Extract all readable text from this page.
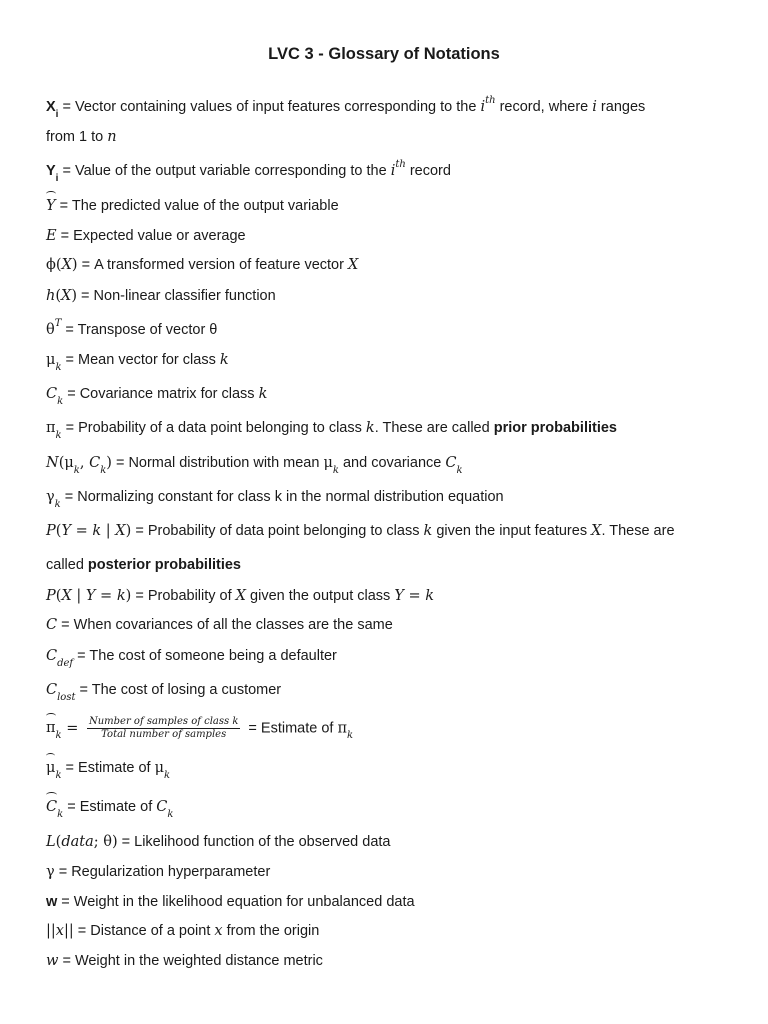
LVC 3 - Glossary of Notations
$X_i$ = Vector containing values of input features corresponding to the $i^{th}$ record, where i ranges
from 1 to n
$Y_i$ = Value of the output variable corresponding to the $i^{th}$ record
Y = The predicted value of the output variable
E = Expected value or average
ϕ(X) = A transformed version of feature vector X
h(X) = Non-linear classifier function
$\theta^T$ = Transpose of vector θ
$\mu_k$ = Mean vector for class k
$C_k$ = Covariance matrix for class k
$\pi_k$ = Probability of a data point belonging to class k. These are called prior probabilities
$N(\mu_k$, $C_k$) = Normal distribution with mean $\mu_k$ and covariance $C_k$
$\gamma_k$ = Normalizing constant for class k in the normal distribution equation
P(Y = k | X) = Probability of data point belonging to class k given the input features X. These are
called posterior probabilities
P(X | Y = k) = Probability of X given the output class Y = k
C = When covariances of all the classes are the same
$C_{def}$ = The cost of someone being a defaulter
$C_{lost}$ = The cost of losing a customer
$\pi_k = \frac{\text{Number of samples of class k}}{\text{Total number of samples}}$ = Estimate of $\pi_k$
$\mu_k$ = Estimate of $\mu_k$
$C_k$ = Estimate of $C_k$
L(data; θ) = Likelihood function of the observed data
γ = Regularization hyperparameter
w = Weight in the likelihood equation for unbalanced data
||x|| = Distance of a point x from the origin
w = Weight in the weighted distance metric
